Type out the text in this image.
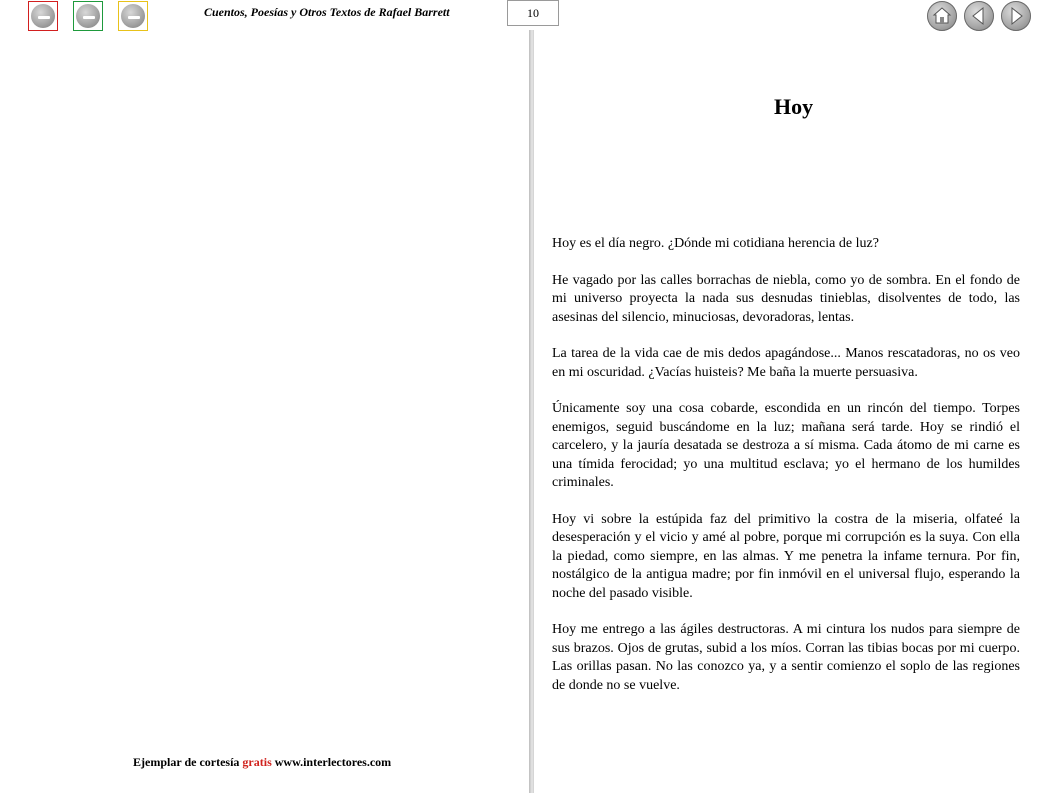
Cuentos, Poesías y Otros Textos de Rafael Barrett	10
Hoy

Hoy es el día negro. ¿Dónde mi cotidiana herencia de luz?

He vagado por las calles borrachas de niebla, como yo de sombra. En el fondo de mi universo proyecta la nada sus desnudas tinieblas, disolventes de todo, las asesinas del silencio, minuciosas, devoradoras, lentas.

La tarea de la vida cae de mis dedos apagándose... Manos rescatadoras, no os veo en mi oscuridad. ¿Vacías huisteis? Me baña la muerte persuasiva.

Únicamente soy una cosa cobarde, escondida en un rincón del tiempo. Torpes enemigos, seguid buscándome en la luz; mañana será tarde. Hoy se rindió el carcelero, y la jauría desatada se destroza a sí misma. Cada átomo de mi carne es una tímida ferocidad; yo una multitud esclava; yo el hermano de los humildes criminales.

Hoy vi sobre la estúpida faz del primitivo la costra de la miseria, olfateé la desesperación y el vicio y amé al pobre, porque mi corrupción es la suya. Con ella la piedad, como siempre, en las almas. Y me penetra la infame ternura. Por fin, nostálgico de la antigua madre; por fin inmóvil en el universal flujo, esperando la noche del pasado visible.

Hoy me entrego a las ágiles destructoras. A mi cintura los nudos para siempre de sus brazos. Ojos de grutas, subid a los míos. Corran las tibias bocas por mi cuerpo. Las orillas pasan. No las conozco ya, y a sentir comienzo el soplo de las regiones de donde no se vuelve.

Ejemplar de cortesía gratis www.interlectores.com
